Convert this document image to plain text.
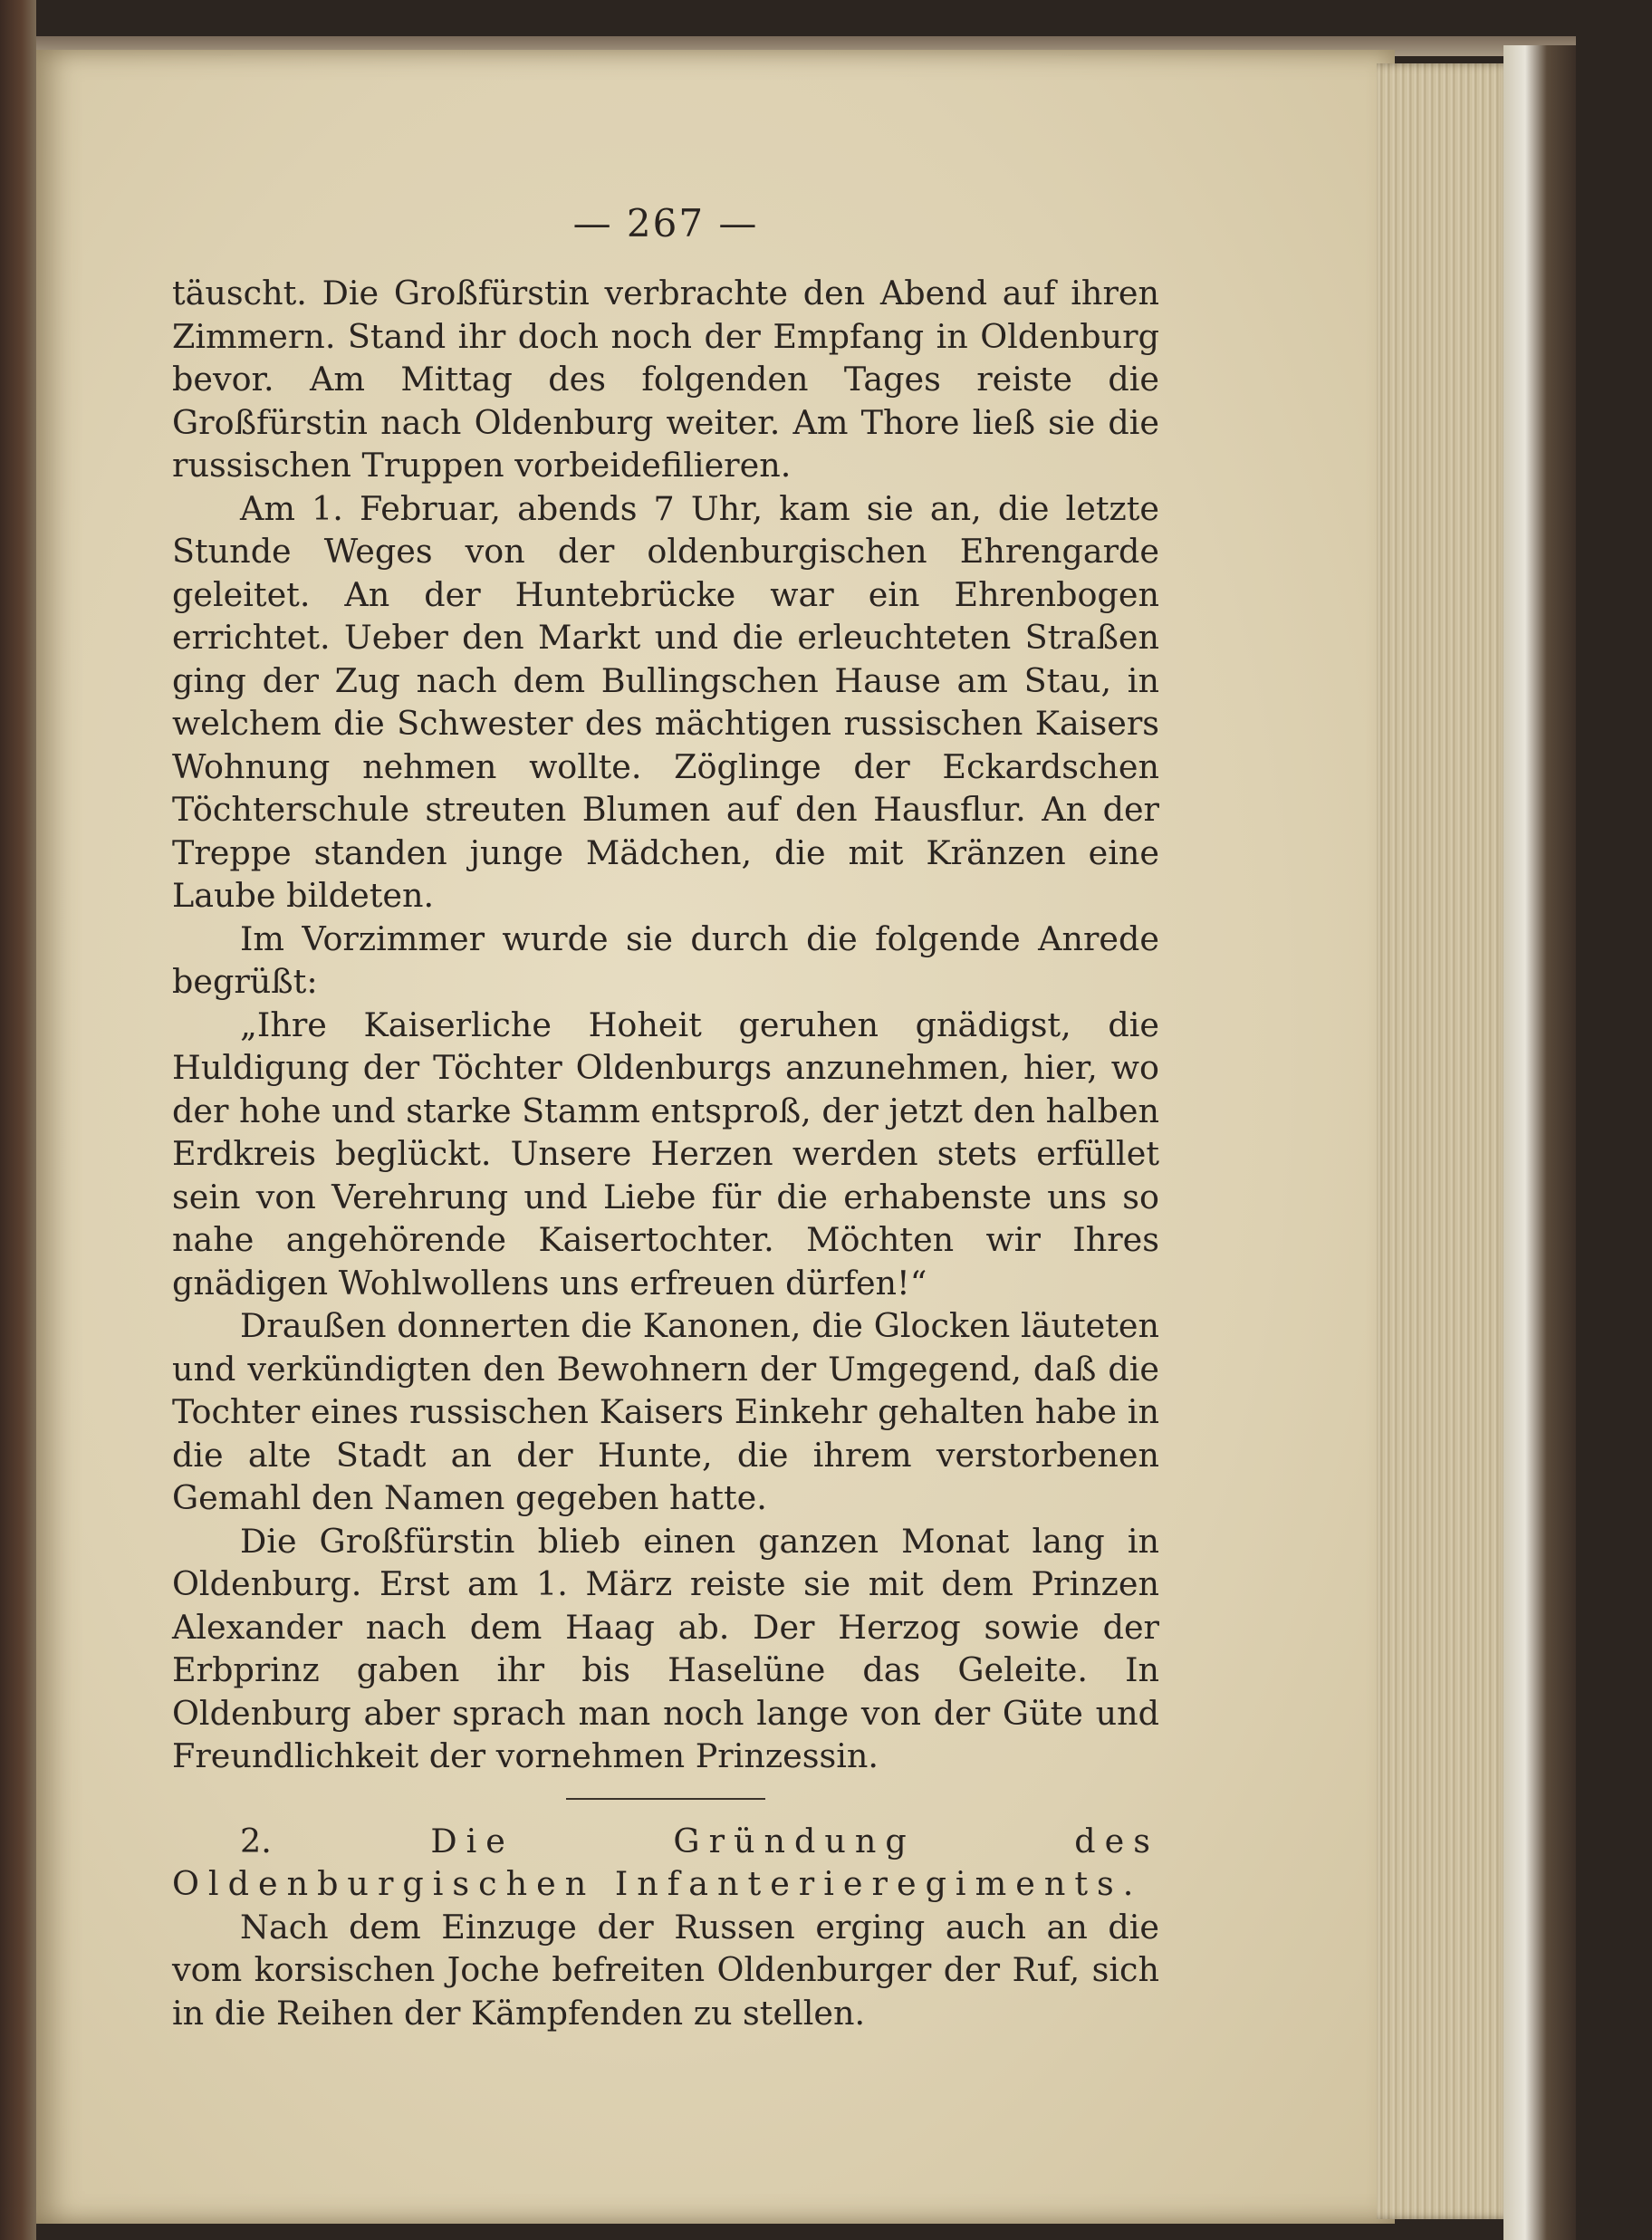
— 267 —

täuscht. Die Großfürstin verbrachte den Abend auf ihren Zimmern. Stand ihr doch noch der Empfang in Oldenburg bevor. Am Mittag des folgenden Tages reiste die Großfürstin nach Oldenburg weiter. Am Thore ließ sie die russischen Truppen vorbeidefilieren.

Am 1. Februar, abends 7 Uhr, kam sie an, die letzte Stunde Weges von der oldenburgischen Ehrengarde geleitet. An der Huntebrücke war ein Ehrenbogen errichtet. Ueber den Markt und die erleuchteten Straßen ging der Zug nach dem Bullingschen Hause am Stau, in welchem die Schwester des mächtigen russischen Kaisers Wohnung nehmen wollte. Zöglinge der Eckardschen Töchterschule streuten Blumen auf den Hausflur. An der Treppe standen junge Mädchen, die mit Kränzen eine Laube bildeten.

Im Vorzimmer wurde sie durch die folgende Anrede begrüßt:

„Ihre Kaiserliche Hoheit geruhen gnädigst, die Huldigung der Töchter Oldenburgs anzunehmen, hier, wo der hohe und starke Stamm entsproß, der jetzt den halben Erdkreis beglückt. Unsere Herzen werden stets erfüllet sein von Verehrung und Liebe für die erhabenste uns so nahe angehörende Kaisertochter. Möchten wir Ihres gnädigen Wohlwollens uns erfreuen dürfen!“

Draußen donnerten die Kanonen, die Glocken läuteten und verkündigten den Bewohnern der Umgegend, daß die Tochter eines russischen Kaisers Einkehr gehalten habe in die alte Stadt an der Hunte, die ihrem verstorbenen Gemahl den Namen gegeben hatte.

Die Großfürstin blieb einen ganzen Monat lang in Oldenburg. Erst am 1. März reiste sie mit dem Prinzen Alexander nach dem Haag ab. Der Herzog sowie der Erbprinz gaben ihr bis Haselüne das Geleite. In Oldenburg aber sprach man noch lange von der Güte und Freundlichkeit der vornehmen Prinzessin.

2.	Die Gründung des Oldenburgischen Infanterieregiments.

Nach dem Einzuge der Russen erging auch an die vom korsischen Joche befreiten Oldenburger der Ruf, sich in die Reihen der Kämpfenden zu stellen.
